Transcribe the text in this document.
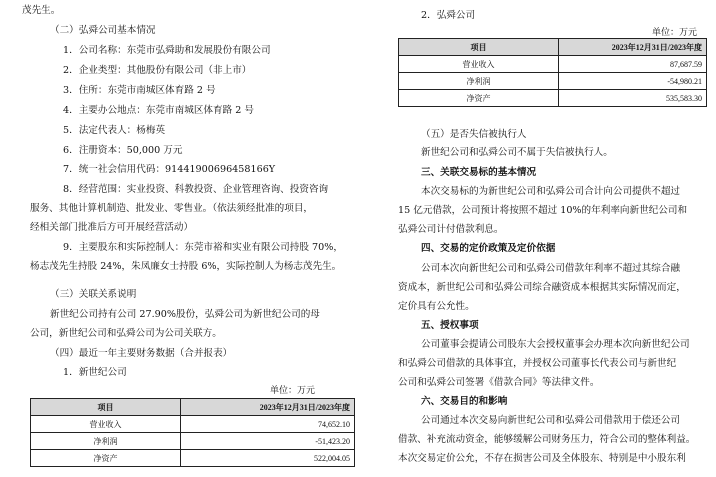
茂先生。
（二）弘舜公司基本情况
1．公司名称：东莞市弘舜助和发展股份有限公司
2．企业类型：其他股份有限公司（非上市）
3．住所：东莞市南城区体育路 2 号
4．主要办公地点：东莞市南城区体育路 2 号
5．法定代表人：杨梅英
6．注册资本：50,000 万元
7．统一社会信用代码：91441900696458166Y
8．经营范围：实业投资、科教投资、企业管理咨询、投资咨询
服务、其他计算机制造、批发业、零售业。（依法须经批准的项目，
经相关部门批准后方可开展经营活动）
9．主要股东和实际控制人：东莞市裕和实业有限公司持股 70%，
杨志茂先生持股 24%，朱凤廉女士持股 6%，实际控制人为杨志茂先生。
（三）关联关系说明
新世纪公司持有公司 27.90%股份，弘舜公司为新世纪公司的母
公司，新世纪公司和弘舜公司为公司关联方。
（四）最近一年主要财务数据（合并报表）
1．新世纪公司
单位：万元
项目	2023年12月31日/2023年度
营业收入	74,652.10
净利润	-51,423.20
净资产	522,004.05
2．弘舜公司
单位：万元
项目	2023年12月31日/2023年度
营业收入	87,687.59
净利润	-54,980.21
净资产	535,583.30
（五）是否失信被执行人
新世纪公司和弘舜公司不属于失信被执行人。
三、关联交易标的基本情况
本次交易标的为新世纪公司和弘舜公司合计向公司提供不超过
15 亿元借款，公司预计将按照不超过 10%的年利率向新世纪公司和
弘舜公司计付借款利息。
四、交易的定价政策及定价依据
公司本次向新世纪公司和弘舜公司借款年利率不超过其综合融
资成本，新世纪公司和弘舜公司综合融资成本根据其实际情况而定，
定价具有公允性。
五、授权事项
公司董事会提请公司股东大会授权董事会办理本次向新世纪公司
和弘舜公司借款的具体事宜，并授权公司董事长代表公司与新世纪
公司和弘舜公司签署《借款合同》等法律文件。
六、交易目的和影响
公司通过本次交易向新世纪公司和弘舜公司借款用于偿还公司
借款、补充流动资金，能够缓解公司财务压力，符合公司的整体利益。
本次交易定价公允，不存在损害公司及全体股东、特别是中小股东利
